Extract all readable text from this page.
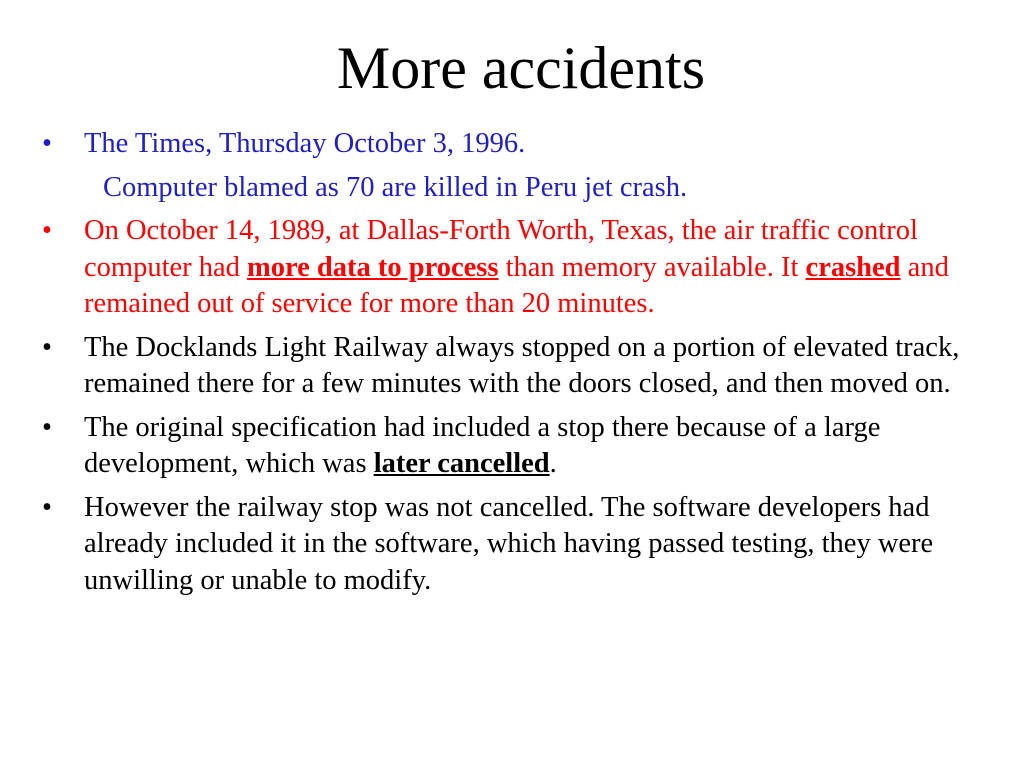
More accidents
• The Times, Thursday October 3, 1996.
Computer blamed as 70 are killed in Peru jet crash.
• On October 14, 1989, at Dallas-Forth Worth, Texas, the air traffic control computer had more data to process than memory available. It crashed and remained out of service for more than 20 minutes.
• The Docklands Light Railway always stopped on a portion of elevated track, remained there for a few minutes with the doors closed, and then moved on.
• The original specification had included a stop there because of a large development, which was later cancelled.
• However the railway stop was not cancelled. The software developers had already included it in the software, which having passed testing, they were unwilling or unable to modify.
